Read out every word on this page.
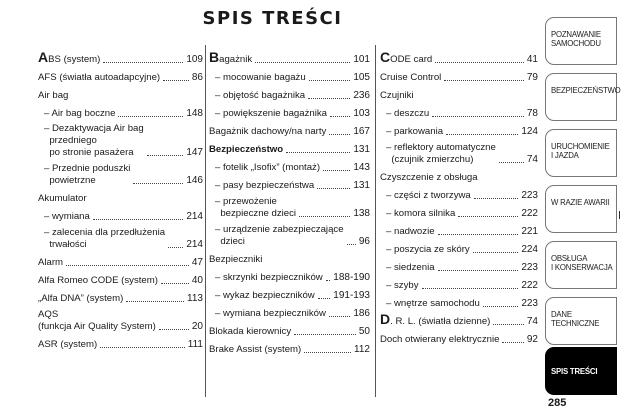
SPIS TREŚCI
ABS (system)	109
AFS (światła autoadapcyjne)	86
Air bag
– Air bag boczne	148
– Dezaktywacja Air bag
przedniego
po stronie pasażera	147
– Przednie poduszki
powietrzne	146
Akumulator
– wymiana	214
– zalecenia dla przedłużenia
trwałości	214
Alarm	47
Alfa Romeo CODE (system)	40
„Alfa DNA” (system)	113
AQS
(funkcja Air Quality System)	20
ASR (system)	111
Bagażnik	101
– mocowanie bagażu	105
– objętość bagażnika	236
– powiększenie bagażnika	103
Bagażnik dachowy/na narty	167
Bezpieczeństwo	131
– fotelik „Isofix” (montaż)	143
– pasy bezpieczeństwa	131
– przewożenie
bezpieczne dzieci	138
– urządzenie zabezpieczające
dzieci	96
Bezpieczniki
– skrzynki bezpieczników 188-190
– wykaz bezpieczników 191-193
– wymiana bezpieczników	186
Blokada kierownicy	50
Brake Assist (system)	112
CODE card	41
Cruise Control	79
Czujniki
– deszczu	78
– parkowania	124
– reflektory automatyczne
(czujnik zmierzchu)	74
Czyszczenie z obsługa
– części z tworzywa	223
– komora silnika	222
– nadwozie	221
– poszycia ze skóry	224
– siedzenia	223
– szyby	222
– wnętrze samochodu	223
D. R. L. (światła dzienne)	74
Doch otwierany elektrycznie	92
POZNAWANIE
SAMOCHODU
BEZPIECZEŃSTWO
URUCHOMIENIE
I JAZDA
W RAZIE AWARII
OBSŁUGA
I KONSERWACJA
DANE
TECHNICZNE
SPIS TREŚCI
285
